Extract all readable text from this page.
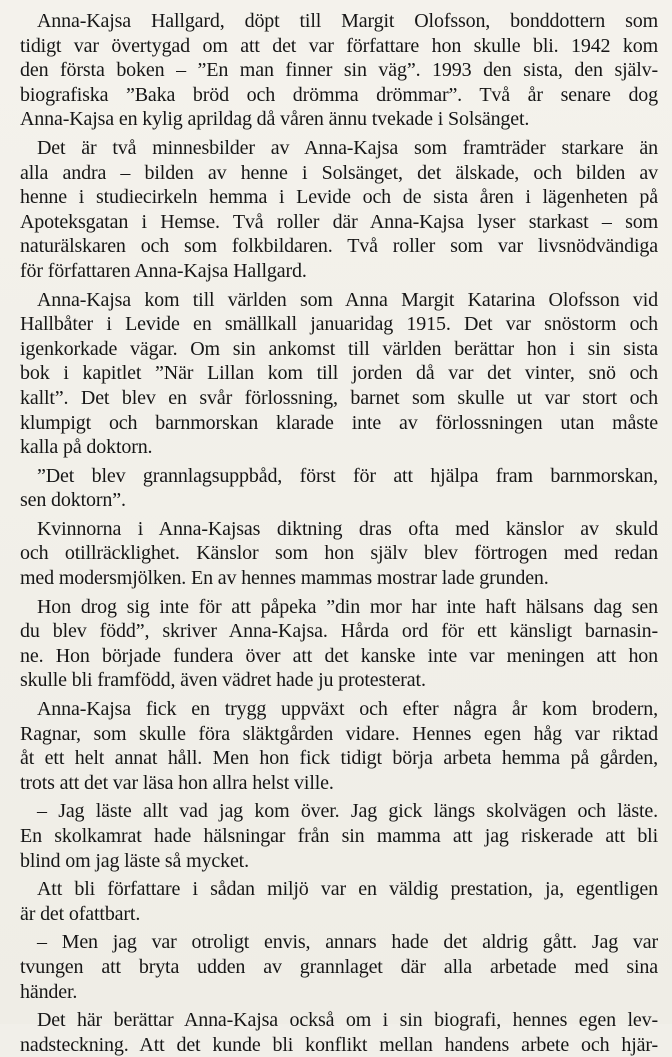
Anna-Kajsa Hallgard, döpt till Margit Olofsson, bonddottern som
tidigt var övertygad om att det var författare hon skulle bli. 1942 kom
den första boken – ”En man finner sin väg”. 1993 den sista, den själv-
biografiska ”Baka bröd och drömma drömmar”. Två år senare dog
Anna-Kajsa en kylig aprildag då våren ännu tvekade i Solsänget.
Det är två minnesbilder av Anna-Kajsa som framträder starkare än
alla andra – bilden av henne i Solsänget, det älskade, och bilden av
henne i studiecirkeln hemma i Levide och de sista åren i lägenheten på
Apoteksgatan i Hemse. Två roller där Anna-Kajsa lyser starkast – som
naturälskaren och som folkbildaren. Två roller som var livsnödvändiga
för författaren Anna-Kajsa Hallgard.
Anna-Kajsa kom till världen som Anna Margit Katarina Olofsson vid
Hallbåter i Levide en smällkall januaridag 1915. Det var snöstorm och
igenkorkade vägar. Om sin ankomst till världen berättar hon i sin sista
bok i kapitlet ”När Lillan kom till jorden då var det vinter, snö och
kallt”. Det blev en svår förlossning, barnet som skulle ut var stort och
klumpigt och barnmorskan klarade inte av förlossningen utan måste
kalla på doktorn.
”Det blev grannlagsuppbåd, först för att hjälpa fram barnmorskan,
sen doktorn”.
Kvinnorna i Anna-Kajsas diktning dras ofta med känslor av skuld
och otillräcklighet. Känslor som hon själv blev förtrogen med redan
med modersmjölken. En av hennes mammas mostrar lade grunden.
Hon drog sig inte för att påpeka ”din mor har inte haft hälsans dag sen
du blev född”, skriver Anna-Kajsa. Hårda ord för ett känsligt barnasin-
ne. Hon började fundera över att det kanske inte var meningen att hon
skulle bli framfödd, även vädret hade ju protesterat.
Anna-Kajsa fick en trygg uppväxt och efter några år kom brodern,
Ragnar, som skulle föra släktgården vidare. Hennes egen håg var riktad
åt ett helt annat håll. Men hon fick tidigt börja arbeta hemma på gården,
trots att det var läsa hon allra helst ville.
– Jag läste allt vad jag kom över. Jag gick längs skolvägen och läste.
En skolkamrat hade hälsningar från sin mamma att jag riskerade att bli
blind om jag läste så mycket.
Att bli författare i sådan miljö var en väldig prestation, ja, egentligen
är det ofattbart.
– Men jag var otroligt envis, annars hade det aldrig gått. Jag var
tvungen att bryta udden av grannlaget där alla arbetade med sina
händer.
Det här berättar Anna-Kajsa också om i sin biografi, hennes egen lev-
nadsteckning. Att det kunde bli konflikt mellan handens arbete och hjär-
